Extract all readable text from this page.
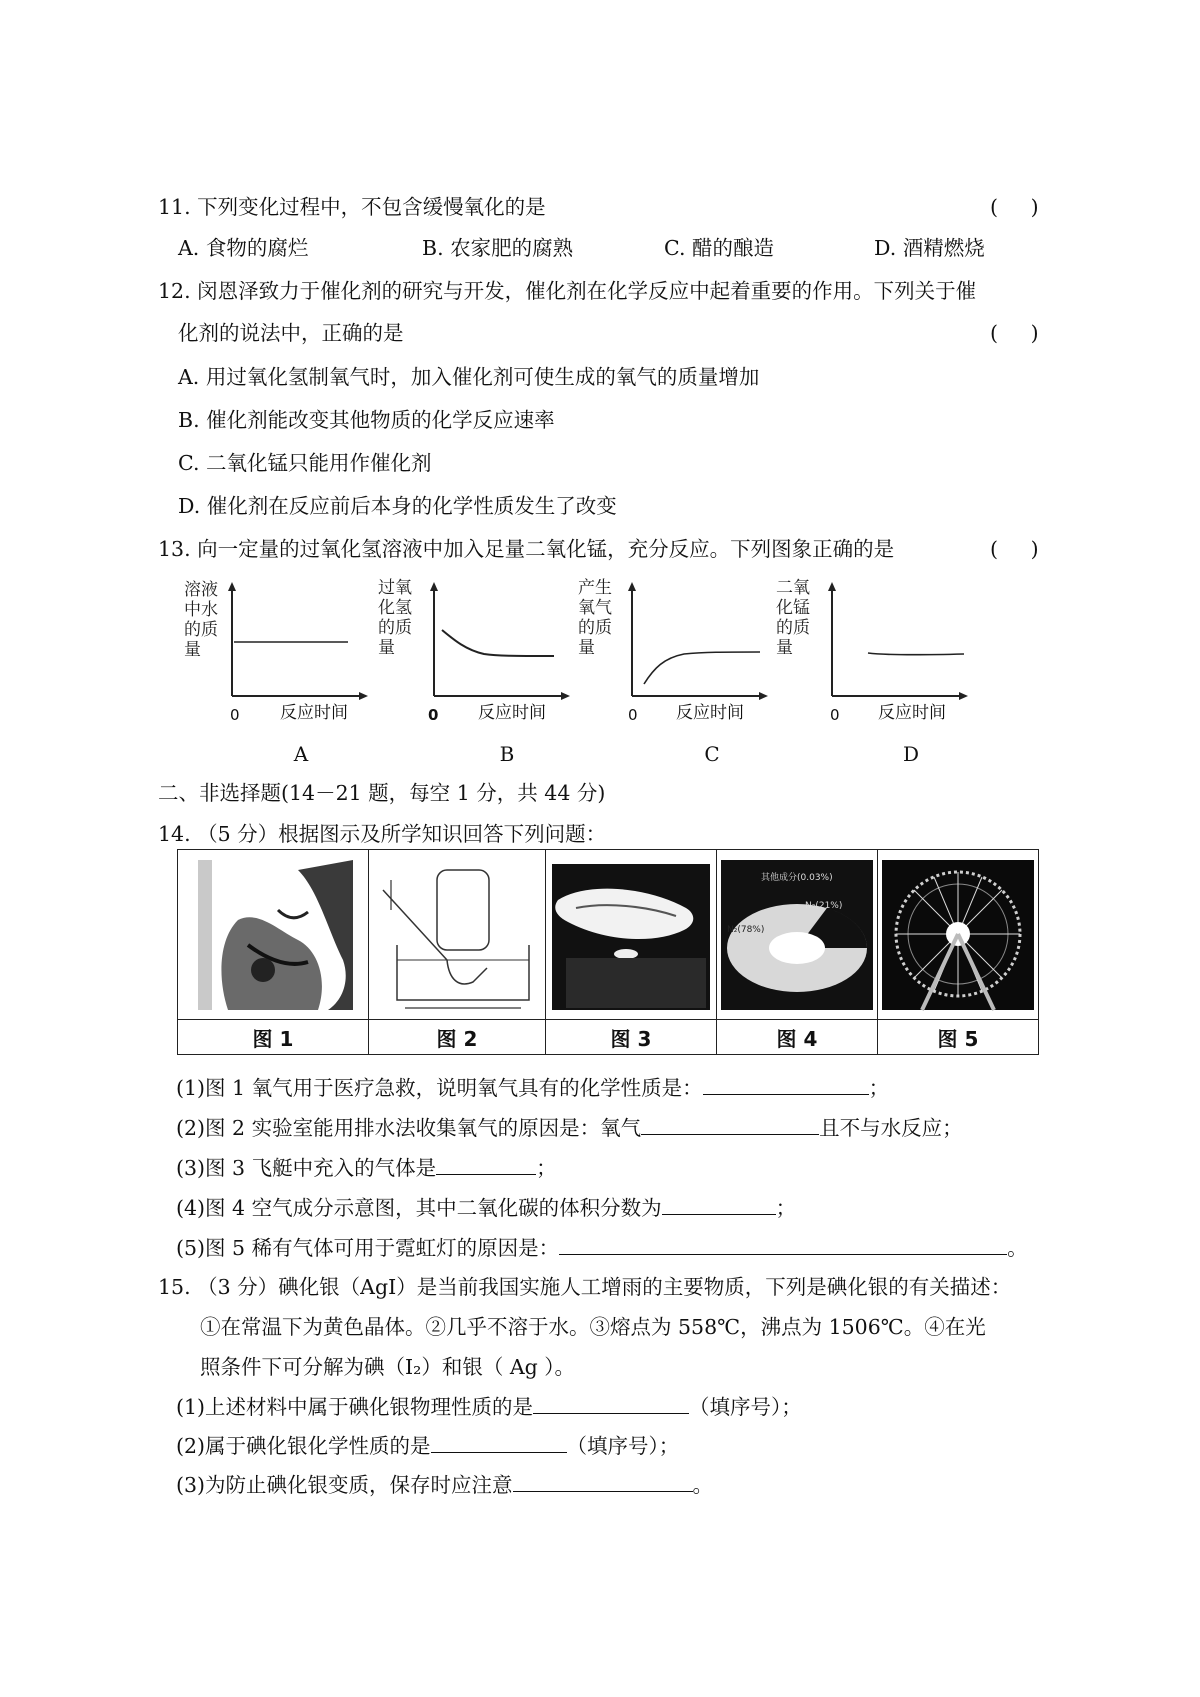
11. 下列变化过程中，不包含缓慢氧化的是	(     )
A. 食物的腐烂	B. 农家肥的腐熟	C. 醋的酿造	D. 酒精燃烧
12. 闵恩泽致力于催化剂的研究与开发，催化剂在化学反应中起着重要的作用。下列关于催
化剂的说法中，正确的是	(     )
A. 用过氧化氢制氧气时，加入催化剂可使生成的氧气的质量增加
B. 催化剂能改变其他物质的化学反应速率
C. 二氧化锰只能用作催化剂
D. 催化剂在反应前后本身的化学性质发生了改变
13. 向一定量的过氧化氢溶液中加入足量二氧化锰，充分反应。下列图象正确的是	(     )
溶液
中水
的质
量
0 反应时间
A
过氧
化氢
的质
量
0 反应时间
B
产生
氧气
的质
量
0 反应时间
C
二氧
化锰
的质
量
0 反应时间
D
二、非选择题(14－21 题，每空 1 分，共 44 分)
14. （5 分）根据图示及所学知识回答下列问题：

其他成分(0.03%)
N₂(21%)
N₂(78%)

图 1	图 2	图 3	图 4	图 5
(1)图 1 氧气用于医疗急救，说明氧气具有的化学性质是：	；
(2)图 2 实验室能用排水法收集氧气的原因是：氧气	且不与水反应；
(3)图 3 飞艇中充入的气体是	；
(4)图 4 空气成分示意图，其中二氧化碳的体积分数为	；
(5)图 5 稀有气体可用于霓虹灯的原因是：	。
15. （3 分）碘化银（AgI）是当前我国实施人工增雨的主要物质，下列是碘化银的有关描述：
①在常温下为黄色晶体。②几乎不溶于水。③熔点为 558℃，沸点为 1506℃。④在光
照条件下可分解为碘（I₂）和银（ Ag ）。
(1)上述材料中属于碘化银物理性质的是	（填序号）；
(2)属于碘化银化学性质的是	（填序号）；
(3)为防止碘化银变质，保存时应注意	。
